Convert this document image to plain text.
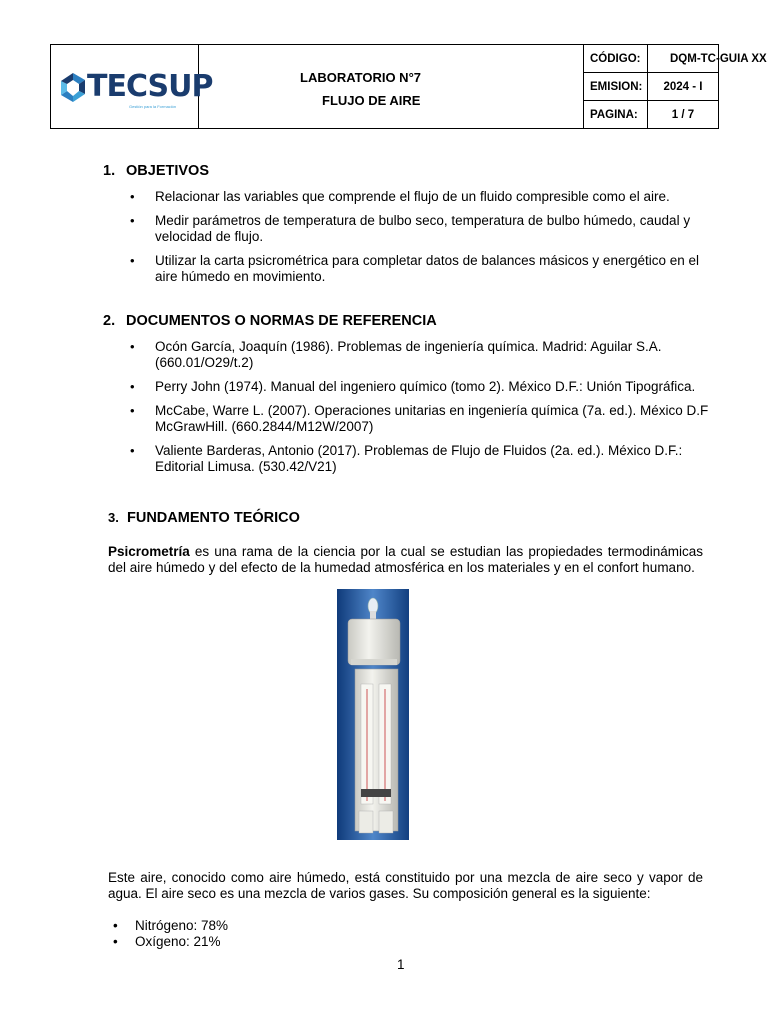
TECSUP
Gestión para la Formación
LABORATORIO N°7
FLUJO DE AIRE
CÓDIGO:	DQM-TC-GUIA XX
EMISION:	2024 - I
PAGINA:	1 / 7
1. OBJETIVOS
• Relacionar las variables que comprende el flujo de un fluido compresible como el aire.
• Medir parámetros de temperatura de bulbo seco, temperatura de bulbo húmedo, caudal y velocidad de flujo.
• Utilizar la carta psicrométrica para completar datos de balances másicos y energético en el aire húmedo en movimiento.
2. DOCUMENTOS O NORMAS DE REFERENCIA
• Ocón García, Joaquín (1986). Problemas de ingeniería química. Madrid: Aguilar S.A. (660.01/O29/t.2)
• Perry John (1974). Manual del ingeniero químico (tomo 2). México D.F.: Unión Tipográfica.
• McCabe, Warre L. (2007). Operaciones unitarias en ingeniería química (7a. ed.). México D.F McGrawHill. (660.2844/M12W/2007)
• Valiente Barderas, Antonio (2017). Problemas de Flujo de Fluidos (2a. ed.). México D.F.: Editorial Limusa. (530.42/V21)
3. FUNDAMENTO TEÓRICO
Psicrometría es una rama de la ciencia por la cual se estudian las propiedades termodinámicas del aire húmedo y del efecto de la humedad atmosférica en los materiales y en el confort humano.
Este aire, conocido como aire húmedo, está constituido por una mezcla de aire seco y vapor de agua. El aire seco es una mezcla de varios gases. Su composición general es la siguiente:
• Nitrógeno: 78%
• Oxígeno: 21%
1
